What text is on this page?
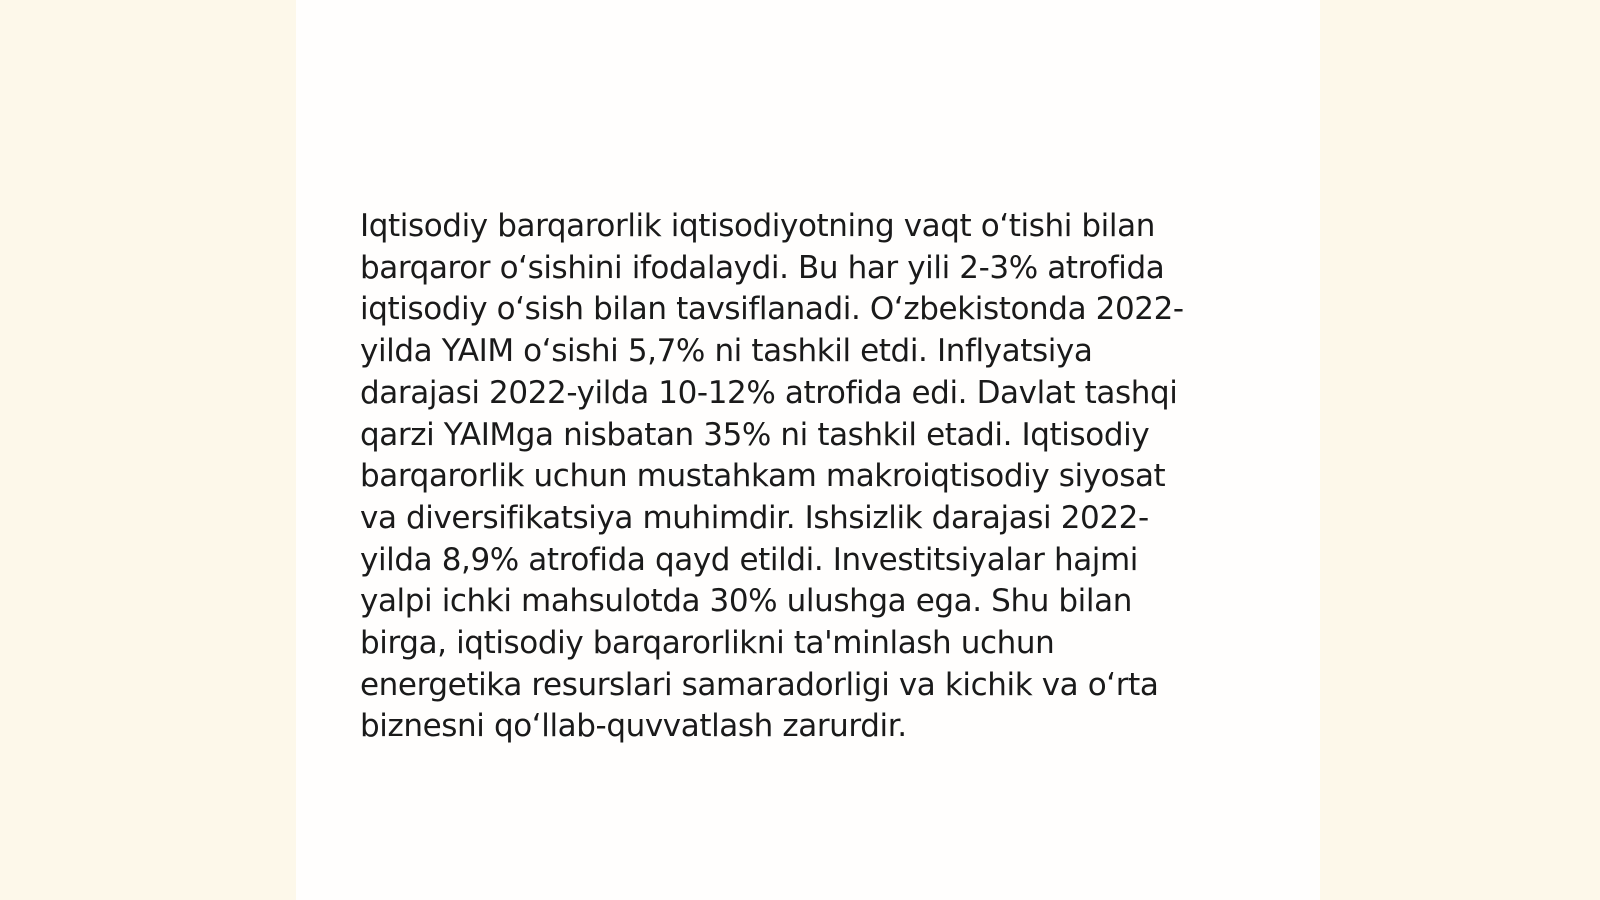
Iqtisodiy barqarorlik iqtisodiyotning vaqt oʻtishi bilan
barqaror oʻsishini ifodalaydi. Bu har yili 2-3% atrofida
iqtisodiy oʻsish bilan tavsiflanadi. Oʻzbekistonda 2022-
yilda YAIM oʻsishi 5,7% ni tashkil etdi. Inflyatsiya
darajasi 2022-yilda 10-12% atrofida edi. Davlat tashqi
qarzi YAIMga nisbatan 35% ni tashkil etadi. Iqtisodiy
barqarorlik uchun mustahkam makroiqtisodiy siyosat
va diversifikatsiya muhimdir. Ishsizlik darajasi 2022-
yilda 8,9% atrofida qayd etildi. Investitsiyalar hajmi
yalpi ichki mahsulotda 30% ulushga ega. Shu bilan
birga, iqtisodiy barqarorlikni ta'minlash uchun
energetika resurslari samaradorligi va kichik va oʻrta
biznesni qoʻllab-quvvatlash zarurdir.
